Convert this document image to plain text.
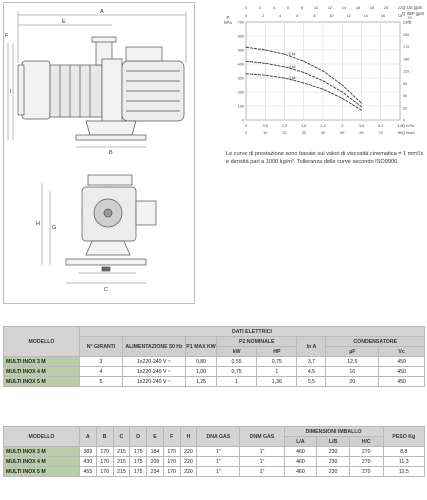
A
E
B
F
I
C
H
G
Q US gpm
Q IMP gpm
0	2	4	6	8	10	12	14	16	18	20	22
0	2	4	6	8	10	12	14	16	18
P
kPa 700
600
500
400
300
200
100
0
H
ft
230
200
170
140
110
80
50
20
0
0	0,6	1,2	1,8	2,4	3	3,6	4,2	4,8
0	10	20	30	40	50	60	70	80
Q m³/h
Q l/min
5 M
4 M
3 M
Le curve di prestazione sono basate sui valori di viscosità cinematica = 1 mm²/s e densità pari a 1000 kg/m³. Tolleranza delle curve secondo ISO9906.
MODELLO	DATI ELETTRICI							
	N° GIRANTI	ALIMENTAZIONE 50 Hz	P1 MAX KW	P2 NOMINALE		In A	CONDENSATORE	
				kW	HP		µF	Vc
MULTI INOX 3 M	3	1x220-240 V ~	0,80	0,55	0,75	3,7	12,5	450
MULTI INOX 4 M	4	1x220-240 V ~	1,00	0,75	1	4,5	16	450
MULTI INOX 5 M	5	1x220-240 V ~	1,25	1	1,36	5,5	20	450
MODELLO	A	B	C	D	E	F	H	DNA GAS	DNM GAS	DIMENSIONI IMBALLO			PESO Kg
										L/A	L/B	H/C	
MULTI INOX 3 M	389	170	215	175	184	170	220	1"	1"	460	230	270	8,8
MULTI INOX 4 M	430	170	215	175	209	170	220	1"	1"	460	230	270	11,3
MULTI INOX 5 M	455	170	215	175	234	170	220	1"	1"	460	230	270	12,5
